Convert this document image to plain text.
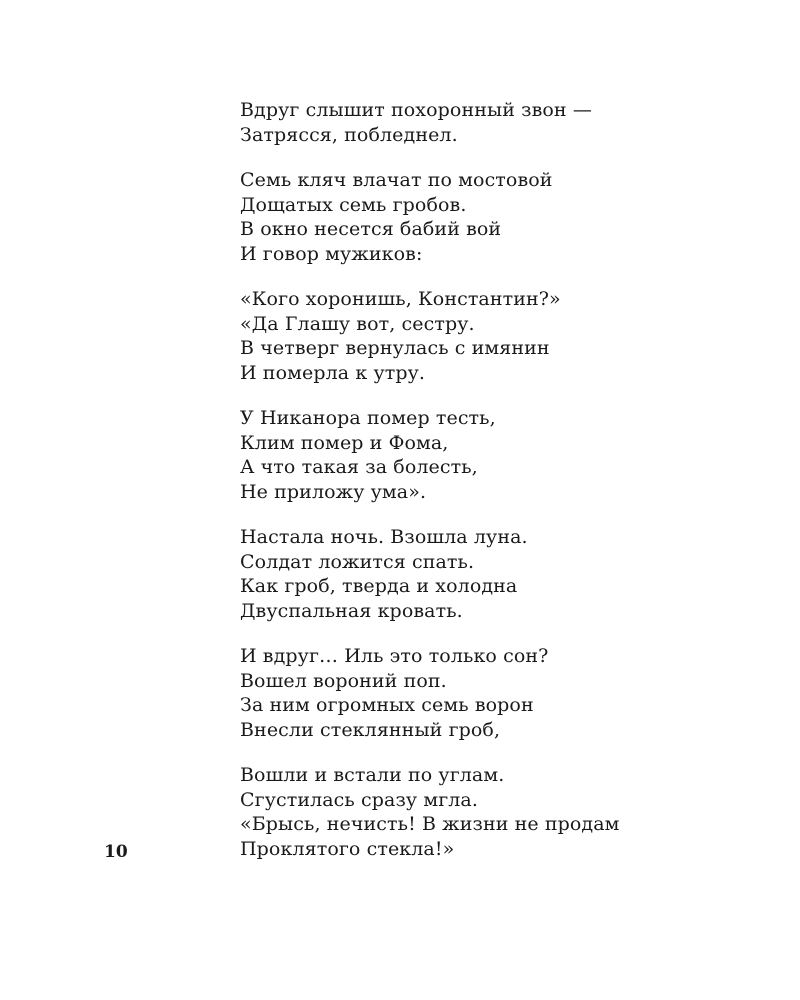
Вдруг слышит похоронный звон —
Затрясся, побледнел.
Семь кляч влачат по мостовой
Дощатых семь гробов.
В окно несется бабий вой
И говор мужиков:
«Кого хоронишь, Константин?»
«Да Глашу вот, сестру.
В четверг вернулась с имянин
И померла к утру.
У Никанора помер тесть,
Клим помер и Фома,
А что такая за болесть,
Не приложу ума».
Настала ночь. Взошла луна.
Солдат ложится спать.
Как гроб, тверда и холодна
Двуспальная кровать.
И вдруг… Иль это только сон?
Вошел вороний поп.
За ним огромных семь ворон
Внесли стеклянный гроб,
Вошли и встали по углам.
Сгустилась сразу мгла.
«Брысь, нечисть! В жизни не продам
Проклятого стекла!»
10
